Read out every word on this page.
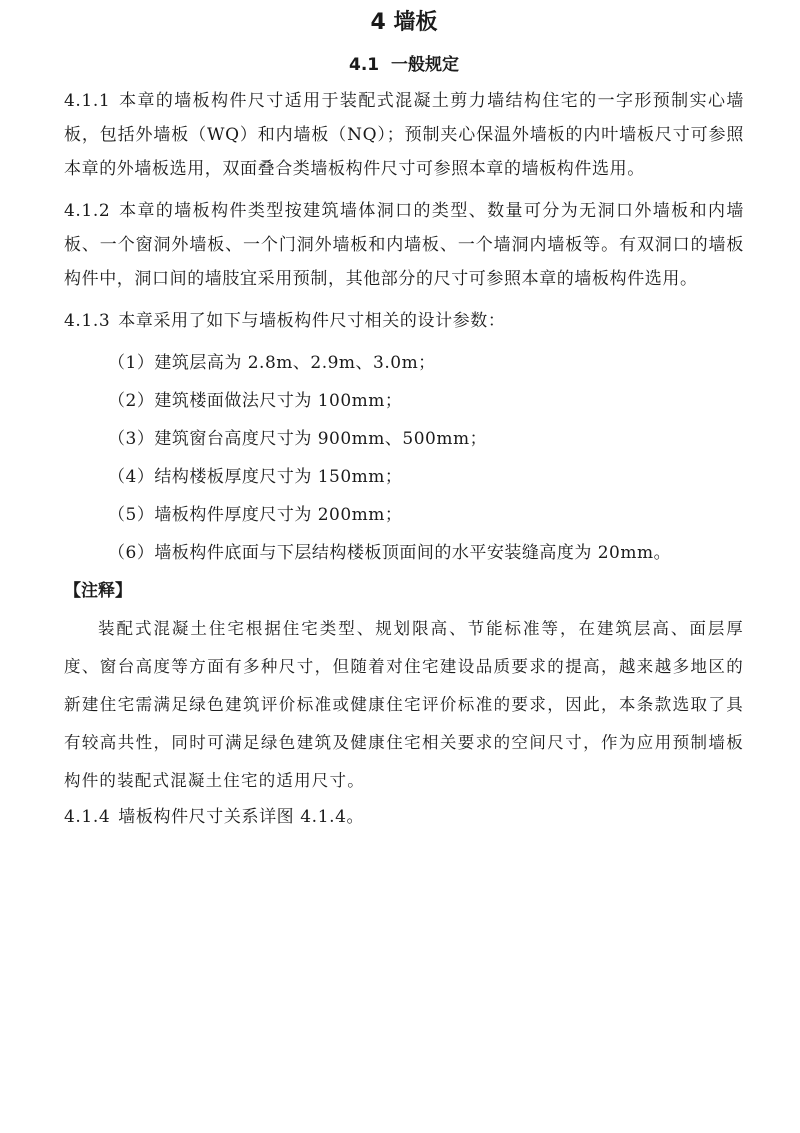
4 墙板
4.1 一般规定

4.1.1 本章的墙板构件尺寸适用于装配式混凝土剪力墙结构住宅的一字形预制实心墙板，包括外墙板（WQ）和内墙板（NQ）；预制夹心保温外墙板的内叶墙板尺寸可参照本章的外墙板选用，双面叠合类墙板构件尺寸可参照本章的墙板构件选用。

4.1.2 本章的墙板构件类型按建筑墙体洞口的类型、数量可分为无洞口外墙板和内墙板、一个窗洞外墙板、一个门洞外墙板和内墙板、一个墙洞内墙板等。有双洞口的墙板构件中，洞口间的墙肢宜采用预制，其他部分的尺寸可参照本章的墙板构件选用。

4.1.3 本章采用了如下与墙板构件尺寸相关的设计参数：

（1）建筑层高为 2.8m、2.9m、3.0m；
（2）建筑楼面做法尺寸为 100mm；
（3）建筑窗台高度尺寸为 900mm、500mm；
（4）结构楼板厚度尺寸为 150mm；
（5）墙板构件厚度尺寸为 200mm；
（6）墙板构件底面与下层结构楼板顶面间的水平安装缝高度为 20mm。

【注释】

装配式混凝土住宅根据住宅类型、规划限高、节能标准等，在建筑层高、面层厚度、窗台高度等方面有多种尺寸，但随着对住宅建设品质要求的提高，越来越多地区的新建住宅需满足绿色建筑评价标准或健康住宅评价标准的要求，因此，本条款选取了具有较高共性，同时可满足绿色建筑及健康住宅相关要求的空间尺寸，作为应用预制墙板构件的装配式混凝土住宅的适用尺寸。

4.1.4 墙板构件尺寸关系详图 4.1.4。
